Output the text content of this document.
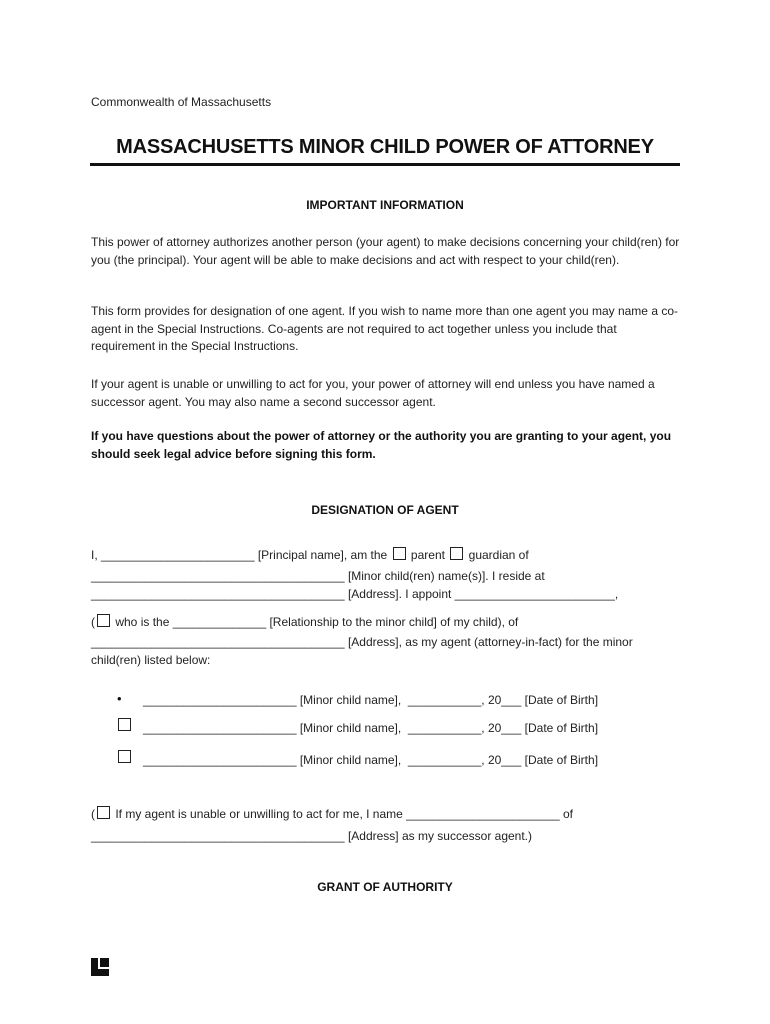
Commonwealth of Massachusetts
MASSACHUSETTS MINOR CHILD POWER OF ATTORNEY
IMPORTANT INFORMATION

This power of attorney authorizes another person (your agent) to make decisions concerning your child(ren) for you (the principal). Your agent will be able to make decisions and act with respect to your child(ren).

This form provides for designation of one agent. If you wish to name more than one agent you may name a co-agent in the Special Instructions. Co-agents are not required to act together unless you include that requirement in the Special Instructions.

If your agent is unable or unwilling to act for you, your power of attorney will end unless you have named a successor agent. You may also name a second successor agent.

If you have questions about the power of attorney or the authority you are granting to your agent, you should seek legal advice before signing this form.

DESIGNATION OF AGENT
I, _______________________ [Principal name], am the parent guardian of
______________________________________ [Minor child(ren) name(s)]. I reside at
______________________________________ [Address]. I appoint ________________________,
( who is the ______________ [Relationship to the minor child] of my child), of
______________________________________ [Address], as my agent (attorney-in-fact) for the minor
child(ren) listed below:
• _______________________ [Minor child name],  ___________, 20___ [Date of Birth]
_______________________ [Minor child name],  ___________, 20___ [Date of Birth]
_______________________ [Minor child name],  ___________, 20___ [Date of Birth]
( If my agent is unable or unwilling to act for me, I name _______________________ of
______________________________________ [Address] as my successor agent.)
GRANT OF AUTHORITY
